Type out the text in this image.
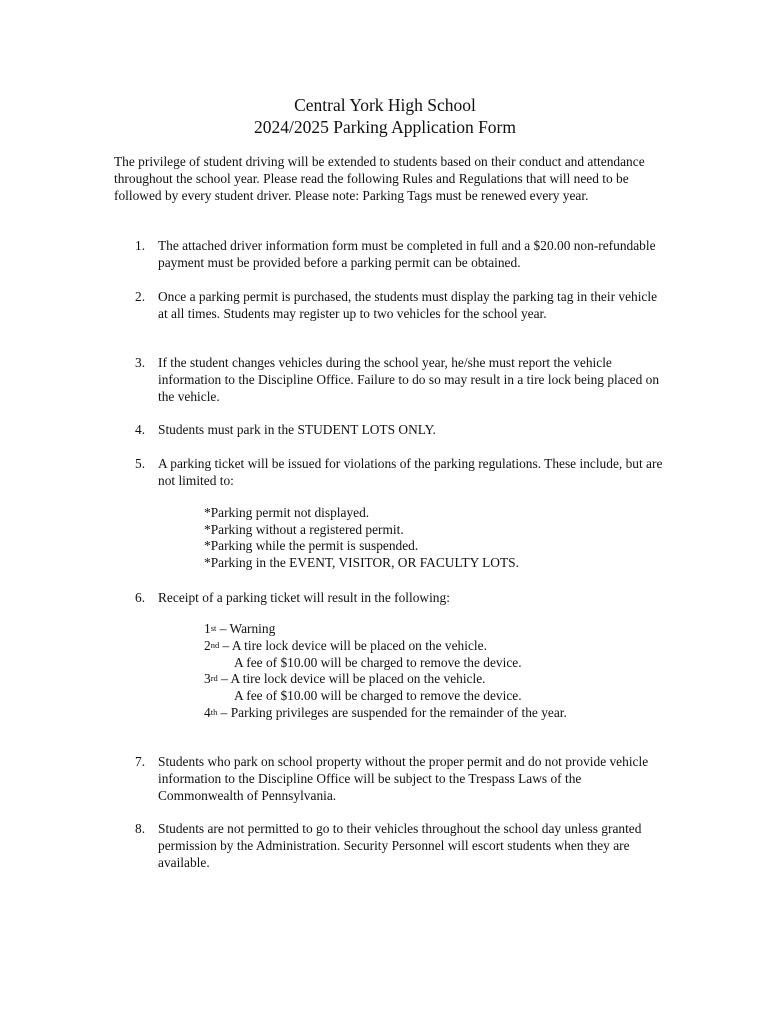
Central York High School
2024/2025 Parking Application Form
The privilege of student driving will be extended to students based on their conduct and attendance throughout the school year. Please read the following Rules and Regulations that will need to be followed by every student driver. Please note: Parking Tags must be renewed every year.
1. The attached driver information form must be completed in full and a $20.00 non-refundable payment must be provided before a parking permit can be obtained.
2. Once a parking permit is purchased, the students must display the parking tag in their vehicle at all times. Students may register up to two vehicles for the school year.
3. If the student changes vehicles during the school year, he/she must report the vehicle information to the Discipline Office. Failure to do so may result in a tire lock being placed on the vehicle.
4. Students must park in the STUDENT LOTS ONLY.
5. A parking ticket will be issued for violations of the parking regulations. These include, but are not limited to:
*Parking permit not displayed.
*Parking without a registered permit.
*Parking while the permit is suspended.
*Parking in the EVENT, VISITOR, OR FACULTY LOTS.
6. Receipt of a parking ticket will result in the following:
1st – Warning
2nd – A tire lock device will be placed on the vehicle.
A fee of $10.00 will be charged to remove the device.
3rd – A tire lock device will be placed on the vehicle.
A fee of $10.00 will be charged to remove the device.
4th – Parking privileges are suspended for the remainder of the year.
7. Students who park on school property without the proper permit and do not provide vehicle information to the Discipline Office will be subject to the Trespass Laws of the Commonwealth of Pennsylvania.
8. Students are not permitted to go to their vehicles throughout the school day unless granted permission by the Administration. Security Personnel will escort students when they are available.
